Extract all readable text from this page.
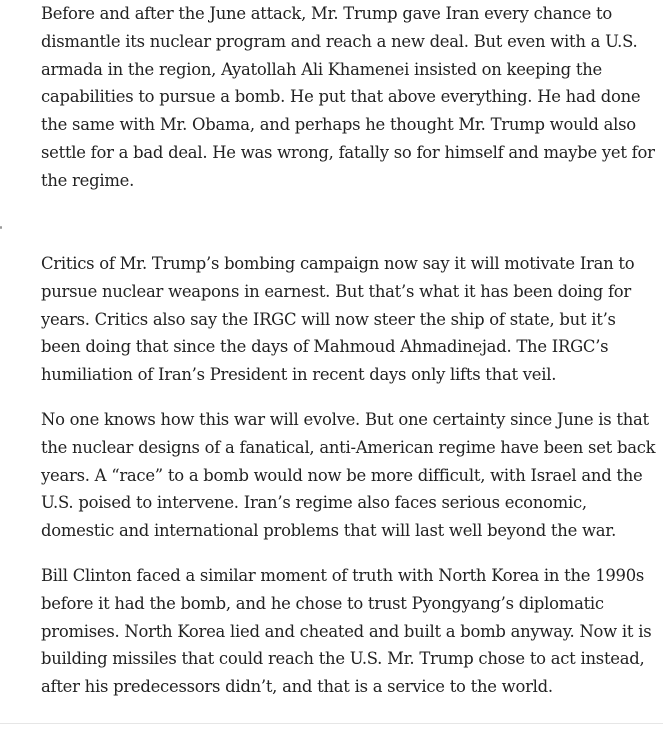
Before and after the June attack, Mr. Trump gave Iran every chance to dismantle its nuclear program and reach a new deal. But even with a U.S. armada in the region, Ayatollah Ali Khamenei insisted on keeping the capabilities to pursue a bomb. He put that above everything. He had done the same with Mr. Obama, and perhaps he thought Mr. Trump would also settle for a bad deal. He was wrong, fatally so for himself and maybe yet for the regime.

Critics of Mr. Trump’s bombing campaign now say it will motivate Iran to pursue nuclear weapons in earnest. But that’s what it has been doing for years. Critics also say the IRGC will now steer the ship of state, but it’s been doing that since the days of Mahmoud Ahmadinejad. The IRGC’s humiliation of Iran’s President in recent days only lifts that veil.

No one knows how this war will evolve. But one certainty since June is that the nuclear designs of a fanatical, anti-American regime have been set back years. A “race” to a bomb would now be more difficult, with Israel and the U.S. poised to intervene. Iran’s regime also faces serious economic, domestic and international problems that will last well beyond the war.

Bill Clinton faced a similar moment of truth with North Korea in the 1990s before it had the bomb, and he chose to trust Pyongyang’s diplomatic promises. North Korea lied and cheated and built a bomb anyway. Now it is building missiles that could reach the U.S. Mr. Trump chose to act instead, after his predecessors didn’t, and that is a service to the world.
